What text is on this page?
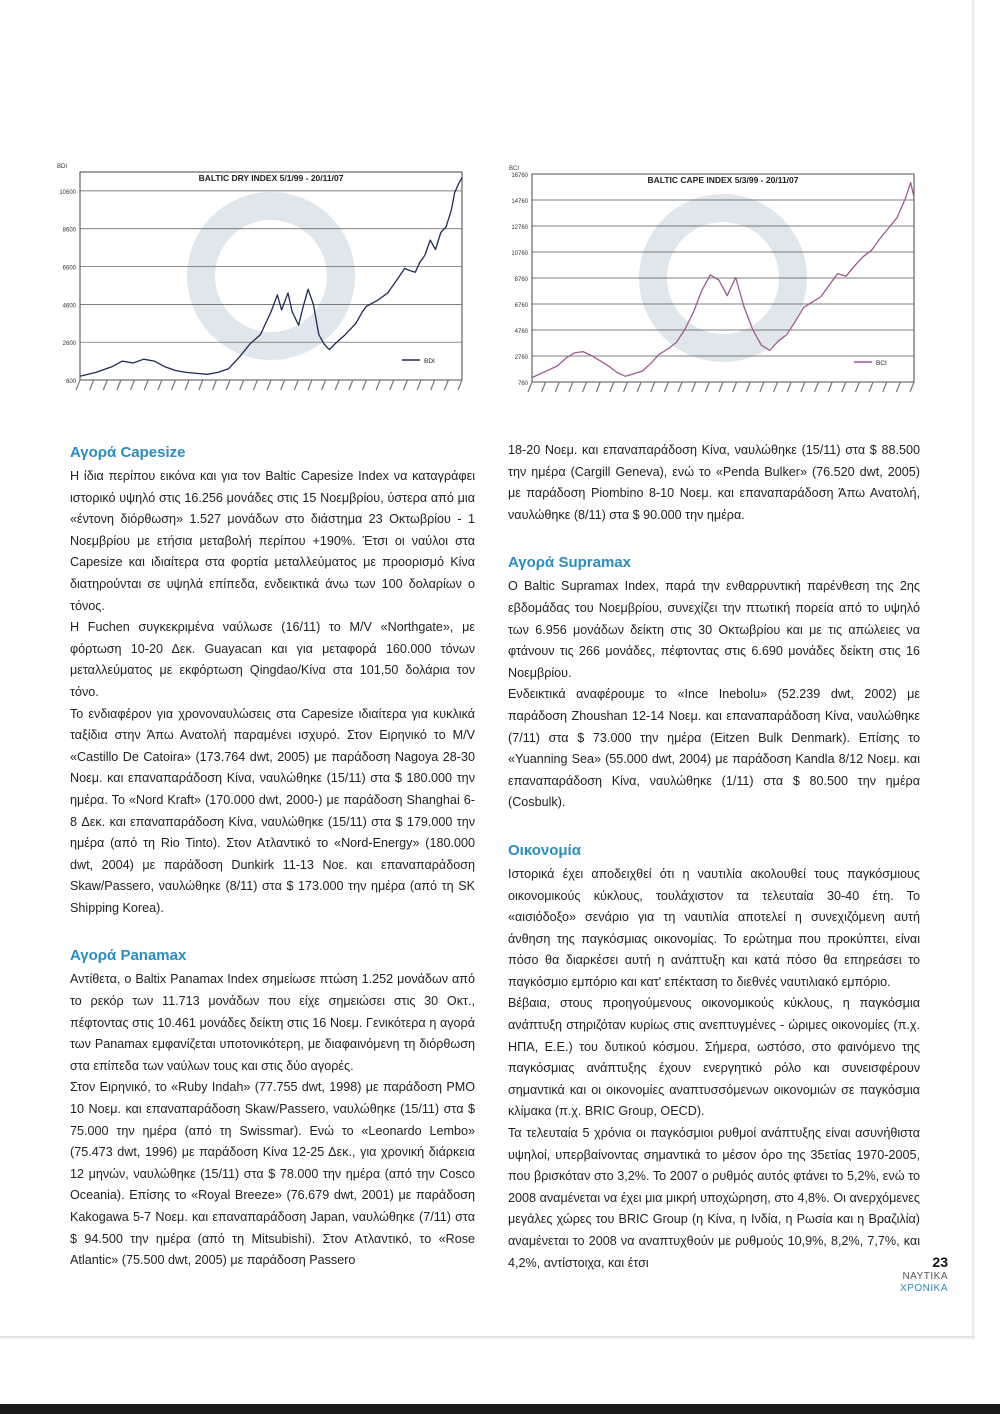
600
2600
4600
6600
8600
10600
BDI
BALTIC DRY INDEX 5/1/99 - 20/11/07
BDI
760
2760
4760
6760
8760
10760
12760
14760
16760
BCI
BALTIC CAPE INDEX 5/3/99 - 20/11/07
BCI
Αγορά Capesize

Η ίδια περίπου εικόνα και για τον Baltic Capesize Index να καταγράφει ιστορικό υψηλό στις 16.256 μονάδες στις 15 Νοεμβρίου, ύστερα από μια «έντονη διόρθωση» 1.527 μονάδων στο διάστημα 23 Οκτωβρίου - 1 Νοεμβρίου με ετήσια μεταβολή περίπου +190%. Έτσι οι ναύλοι στα Capesize και ιδιαίτερα στα φορτία μεταλλεύματος με προορισμό Κίνα διατηρούνται σε υψηλά επίπεδα, ενδεικτικά άνω των 100 δολαρίων ο τόνος.

Η Fuchen συγκεκριμένα ναύλωσε (16/11) το M/V «Northgate», με φόρτωση 10-20 Δεκ. Guayacan και για μεταφορά 160.000 τόνων μεταλλεύματος με εκφόρτωση Qingdao/Κίνα στα 101,50 δολάρια τον τόνο.

Το ενδιαφέρον για χρονοναυλώσεις στα Capesize ιδιαίτερα για κυκλικά ταξίδια στην Άπω Ανατολή παραμένει ισχυρό. Στον Ειρηνικό το M/V «Castillo De Catoira» (173.764 dwt, 2005) με παράδοση Nagoya 28-30 Νοεμ. και επαναπαράδοση Κίνα, ναυλώθηκε (15/11) στα $ 180.000 την ημέρα. Το «Nord Kraft» (170.000 dwt, 2000-) με παράδοση Shanghai 6-8 Δεκ. και επαναπαράδοση Κίνα, ναυλώθηκε (15/11) στα $ 179.000 την ημέρα (από τη Rio Tinto). Στον Ατλαντικό το «Nord-Energy» (180.000 dwt, 2004) με παράδοση Dunkirk 11-13 Νοε. και επαναπαράδοση Skaw/Passero, ναυλώθηκε (8/11) στα $ 173.000 την ημέρα (από τη SK Shipping Korea).

Αγορά Panamax

Αντίθετα, ο Baltix Panamax Index σημείωσε πτώση 1.252 μονάδων από το ρεκόρ των 11.713 μονάδων που είχε σημειώσει στις 30 Οκτ., πέφτοντας στις 10.461 μονάδες δείκτη στις 16 Νοεμ. Γενικότερα η αγορά των Panamax εμφανίζεται υποτονικότερη, με διαφαινόμενη τη διόρθωση στα επίπεδα των ναύλων τους και στις δύο αγορές.

Στον Ειρηνικό, το «Ruby Indah» (77.755 dwt, 1998) με παράδοση PMO 10 Νοεμ. και επαναπαράδοση Skaw/Passero, ναυλώθηκε (15/11) στα $ 75.000 την ημέρα (από τη Swissmar). Ενώ το «Leonardo Lembo» (75.473 dwt, 1996) με παράδοση Κίνα 12-25 Δεκ., για χρονική διάρκεια 12 μηνών, ναυλώθηκε (15/11) στα $ 78.000 την ημέρα (από την Cosco Oceania). Επίσης το «Royal Breeze» (76.679 dwt, 2001) με παράδοση Kakogawa 5-7 Νοεμ. και επαναπαράδοση Japan, ναυλώθηκε (7/11) στα $ 94.500 την ημέρα (από τη Mitsubishi). Στον Ατλαντικό, το «Rose Atlantic» (75.500 dwt, 2005) με παράδοση Passero

18-20 Νοεμ. και επαναπαράδοση Κίνα, ναυλώθηκε (15/11) στα $ 88.500 την ημέρα (Cargill Geneva), ενώ το «Penda Bulker» (76.520 dwt, 2005) με παράδοση Piombino 8-10 Νοεμ. και επαναπαράδοση Άπω Ανατολή, ναυλώθηκε (8/11) στα $ 90.000 την ημέρα.

Αγορά Supramax

O Baltic Supramax Index, παρά την ενθαρρυντική παρένθεση της 2ης εβδομάδας του Νοεμβρίου, συνεχίζει την πτωτική πορεία από το υψηλό των 6.956 μονάδων δείκτη στις 30 Οκτωβρίου και με τις απώλειες να φτάνουν τις 266 μονάδες, πέφτοντας στις 6.690 μονάδες δείκτη στις 16 Νοεμβρίου.

Ενδεικτικά αναφέρουμε το «Ince Inebolu» (52.239 dwt, 2002) με παράδοση Zhoushan 12-14 Νοεμ. και επαναπαράδοση Κίνα, ναυλώθηκε (7/11) στα $ 73.000 την ημέρα (Eitzen Bulk Denmark). Επίσης το «Yuanning Sea» (55.000 dwt, 2004) με παράδοση Kandla 8/12 Νοεμ. και επαναπαράδοση Κίνα, ναυλώθηκε (1/11) στα $ 80.500 την ημέρα (Cosbulk).

Οικονομία

Ιστορικά έχει αποδειχθεί ότι η ναυτιλία ακολουθεί τους παγκόσμιους οικονομικούς κύκλους, τουλάχιστον τα τελευταία 30-40 έτη. Το «αισιόδοξο» σενάριο για τη ναυτιλία αποτελεί η συνεχιζόμενη αυτή άνθηση της παγκόσμιας οικονομίας. Το ερώτημα που προκύπτει, είναι πόσο θα διαρκέσει αυτή η ανάπτυξη και κατά πόσο θα επηρεάσει το παγκόσμιο εμπόριο και κατ' επέκταση το διεθνές ναυτιλιακό εμπόριο.

Βέβαια, στους προηγούμενους οικονομικούς κύκλους, η παγκόσμια ανάπτυξη στηριζόταν κυρίως στις ανεπτυγμένες - ώριμες οικονομίες (π.χ. ΗΠΑ, Ε.Ε.) του δυτικού κόσμου. Σήμερα, ωστόσο, στο φαινόμενο της παγκόσμιας ανάπτυξης έχουν ενεργητικό ρόλο και συνεισφέρουν σημαντικά και οι οικονομίες αναπτυσσόμενων οικονομιών σε παγκόσμια κλίμακα (π.χ. BRIC Group, OECD).

Τα τελευταία 5 χρόνια οι παγκόσμιοι ρυθμοί ανάπτυξης είναι ασυνήθιστα υψηλοί, υπερβαίνοντας σημαντικά το μέσον όρο της 35ετίας 1970-2005, που βρισκόταν στο 3,2%. Το 2007 ο ρυθμός αυτός φτάνει το 5,2%, ενώ το 2008 αναμένεται να έχει μια μικρή υποχώρηση, στο 4,8%. Οι ανερχόμενες μεγάλες χώρες του BRIC Group (η Κίνα, η Ινδία, η Ρωσία και η Βραζιλία) αναμένεται το 2008 να αναπτυχθούν με ρυθμούς 10,9%, 8,2%, 7,7%, και 4,2%, αντίστοιχα, και έτσι	23
ΝΑΥΤΙΚΑ
ΧΡΟΝΙΚΑ
